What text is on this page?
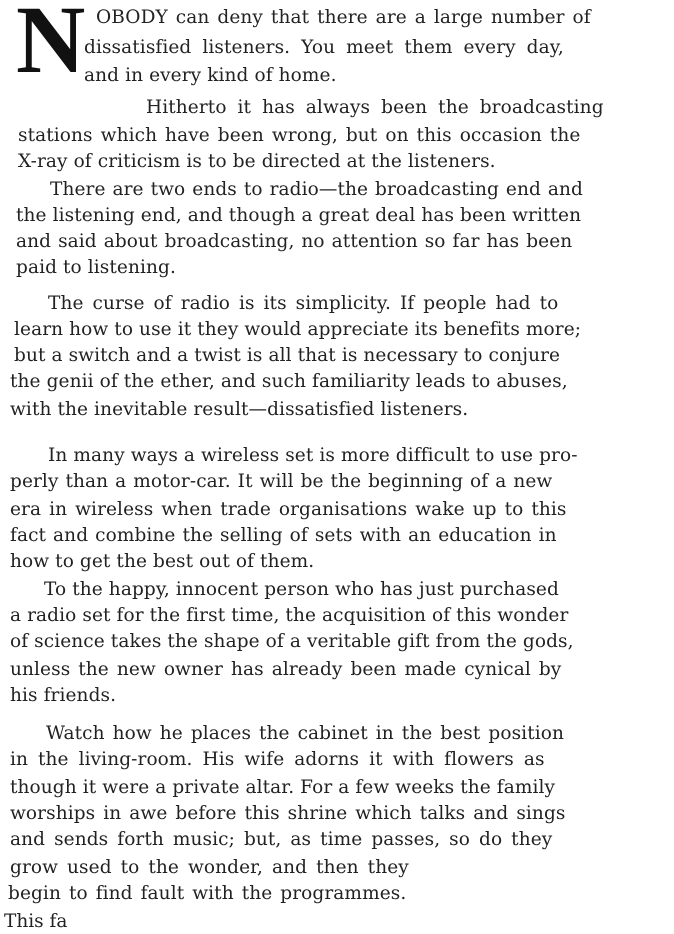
N OBODY can deny that there are a large number of
dissatisfied listeners. You meet them every day,
and in every kind of home.
Hitherto it has always been the broadcasting
stations which have been wrong, but on this occasion the
X-ray of criticism is to be directed at the listeners.
There are two ends to radio—the broadcasting end and
the listening end, and though a great deal has been written
and said about broadcasting, no attention so far has been
paid to listening.
The curse of radio is its simplicity. If people had to
learn how to use it they would appreciate its benefits more;
but a switch and a twist is all that is necessary to conjure
the genii of the ether, and such familiarity leads to abuses,
with the inevitable result—dissatisfied listeners.
In many ways a wireless set is more difficult to use pro-
perly than a motor-car. It will be the beginning of a new
era in wireless when trade organisations wake up to this
fact and combine the selling of sets with an education in
how to get the best out of them.
To the happy, innocent person who has just purchased
a radio set for the first time, the acquisition of this wonder
of science takes the shape of a veritable gift from the gods,
unless the new owner has already been made cynical by
his friends.
Watch how he places the cabinet in the best position
in the living-room. His wife adorns it with flowers as
though it were a private altar. For a few weeks the family
worships in awe before this shrine which talks and sings
and sends forth music; but, as time passes, so do they
grow used to the wonder, and then they
begin to find fault with the programmes.
This fa
